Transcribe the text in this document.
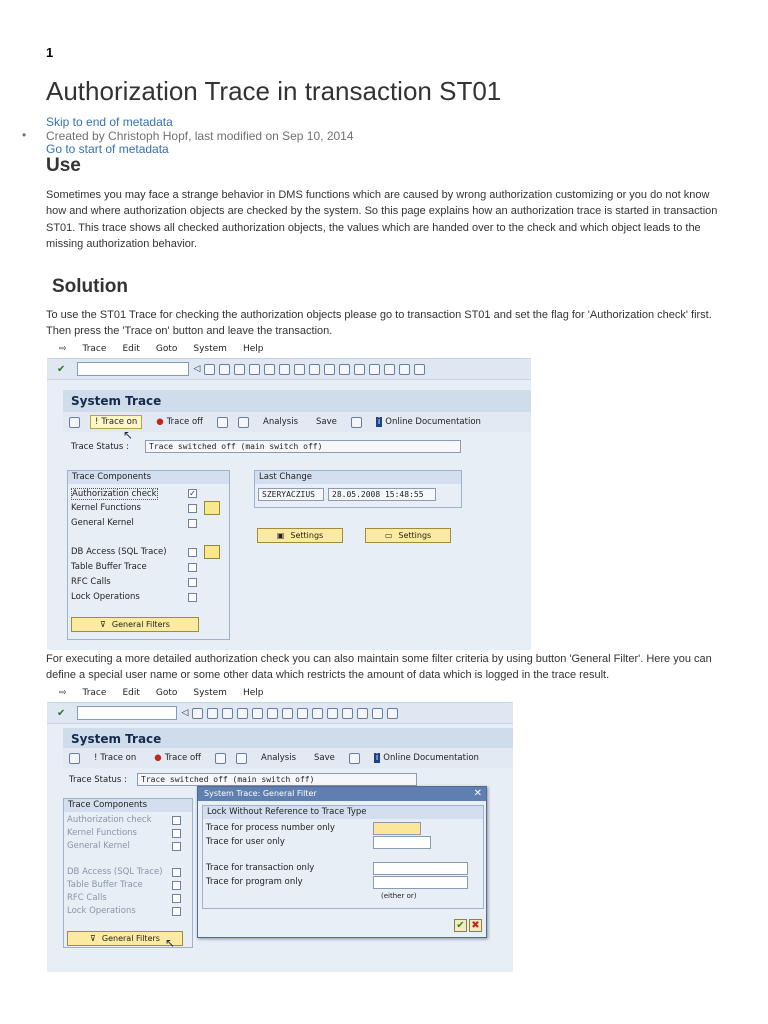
1
Authorization Trace in transaction ST01
Skip to end of metadata
• Created by Christoph Hopf, last modified on Sep 10, 2014
Go to start of metadata
Use
Sometimes you may face a strange behavior in DMS functions which are caused by wrong authorization customizing or you do not know
how and where authorization objects are checked by the system. So this page explains how an authorization trace is started in transaction
ST01. This trace shows all checked authorization objects, the values which are handed over to the check and which object leads to the
missing authorization behavior.
Solution
To use the ST01 Trace for checking the authorization objects please go to transaction ST01 and set the flag for 'Authorization check' first.
Then press the 'Trace on' button and leave the transaction.
⇨ Trace Edit Goto System Help
✔	◁
System Trace
! Trace on ● Trace off	Analysis Save	i Online Documentation
Trace Status :	Trace switched off (main switch off)
Trace Components
Authorization check	✓
Kernel Functions
General Kernel
DB Access (SQL Trace)
Table Buffer Trace
RFC Calls
Lock Operations
⊽ General Filters
Last Change
SZERYACZIUS	28.05.2008 15:48:55
▣ Settings	▭ Settings
↖
For executing a more detailed authorization check you can also maintain some filter criteria by using button 'General Filter'. Here you can
define a special user name or some other data which restricts the amount of data which is logged in the trace result.
⇨ Trace Edit Goto System Help
✔	◁
System Trace
! Trace on ● Trace off	Analysis Save	i Online Documentation
Trace Status :	Trace switched off (main switch off)
Trace Components
Authorization check
Kernel Functions
General Kernel
DB Access (SQL Trace)
Table Buffer Trace
RFC Calls
Lock Operations
⊽ General Filters
System Trace: General Filter	✕
Lock Without Reference to Trace Type
Trace for process number only
Trace for user only
Trace for transaction only
Trace for program only
(either or)
✔ ✖
↖
